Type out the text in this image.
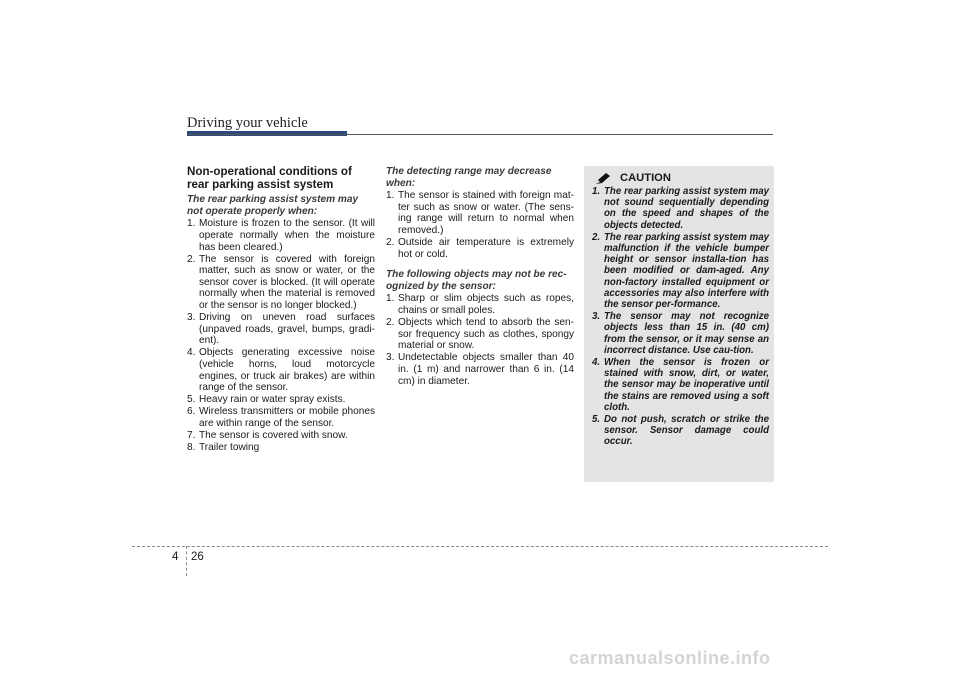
Driving your vehicle
Non-operational conditions of rear parking assist system
The rear parking assist system may not operate properly when:
1. Moisture is frozen to the sensor. (It will operate normally when the moisture has been cleared.)
2. The sensor is covered with foreign matter, such as snow or water, or the sensor cover is blocked. (It will operate normally when the material is removed or the sensor is no longer blocked.)
3. Driving on uneven road surfaces (unpaved roads, gravel, bumps, gradi-ent).
4. Objects generating excessive noise (vehicle horns, loud motorcycle engines, or truck air brakes) are within range of the sensor.
5. Heavy rain or water spray exists.
6. Wireless transmitters or mobile phones are within range of the sensor.
7. The sensor is covered with snow.
8. Trailer towing
The detecting range may decrease when:
1. The sensor is stained with foreign mat-ter such as snow or water. (The sens-ing range will return to normal when removed.)
2. Outside air temperature is extremely hot or cold.
The following objects may not be rec-ognized by the sensor:
1. Sharp or slim objects such as ropes, chains or small poles.
2. Objects which tend to absorb the sen-sor frequency such as clothes, spongy material or snow.
3. Undetectable objects smaller than 40 in. (1 m) and narrower than 6 in. (14 cm) in diameter.
CAUTION
1. The rear parking assist system may not sound sequentially depending on the speed and shapes of the objects detected.
2. The rear parking assist system may malfunction if the vehicle bumper height or sensor installa-tion has been modified or dam-aged. Any non-factory installed equipment or accessories may also interfere with the sensor per-formance.
3. The sensor may not recognize objects less than 15 in. (40 cm) from the sensor, or it may sense an incorrect distance. Use cau-tion.
4. When the sensor is frozen or stained with snow, dirt, or water, the sensor may be inoperative until the stains are removed using a soft cloth.
5. Do not push, scratch or strike the sensor. Sensor damage could occur.
4 26
carmanualsonline.info
